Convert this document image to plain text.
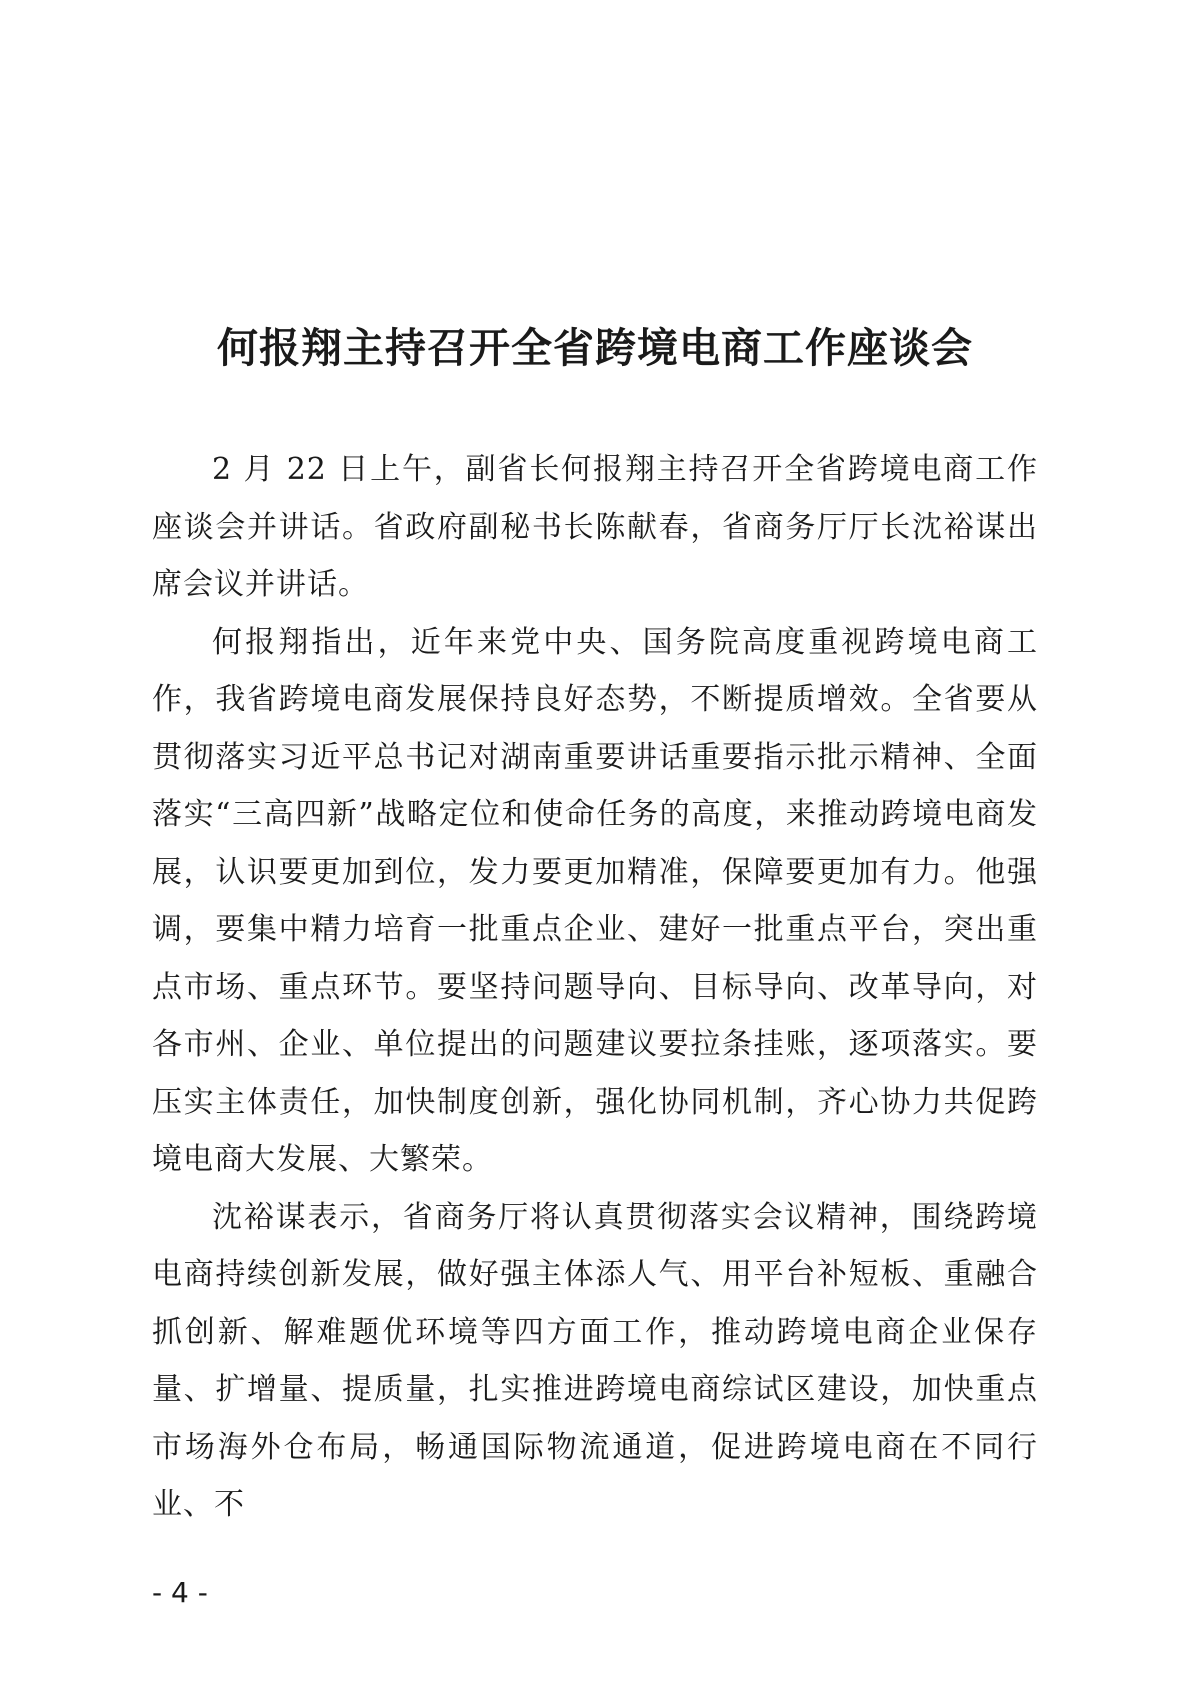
何报翔主持召开全省跨境电商工作座谈会

2 月 22 日上午，副省长何报翔主持召开全省跨境电商工作座谈会并讲话。省政府副秘书长陈献春，省商务厅厅长沈裕谋出席会议并讲话。

何报翔指出，近年来党中央、国务院高度重视跨境电商工作，我省跨境电商发展保持良好态势，不断提质增效。全省要从贯彻落实习近平总书记对湖南重要讲话重要指示批示精神、全面落实“三高四新”战略定位和使命任务的高度，来推动跨境电商发展，认识要更加到位，发力要更加精准，保障要更加有力。他强调，要集中精力培育一批重点企业、建好一批重点平台，突出重点市场、重点环节。要坚持问题导向、目标导向、改革导向，对各市州、企业、单位提出的问题建议要拉条挂账，逐项落实。要压实主体责任，加快制度创新，强化协同机制，齐心协力共促跨境电商大发展、大繁荣。

沈裕谋表示，省商务厅将认真贯彻落实会议精神，围绕跨境电商持续创新发展，做好强主体添人气、用平台补短板、重融合抓创新、解难题优环境等四方面工作，推动跨境电商企业保存量、扩增量、提质量，扎实推进跨境电商综试区建设，加快重点市场海外仓布局，畅通国际物流通道，促进跨境电商在不同行业、不

- 4 -
